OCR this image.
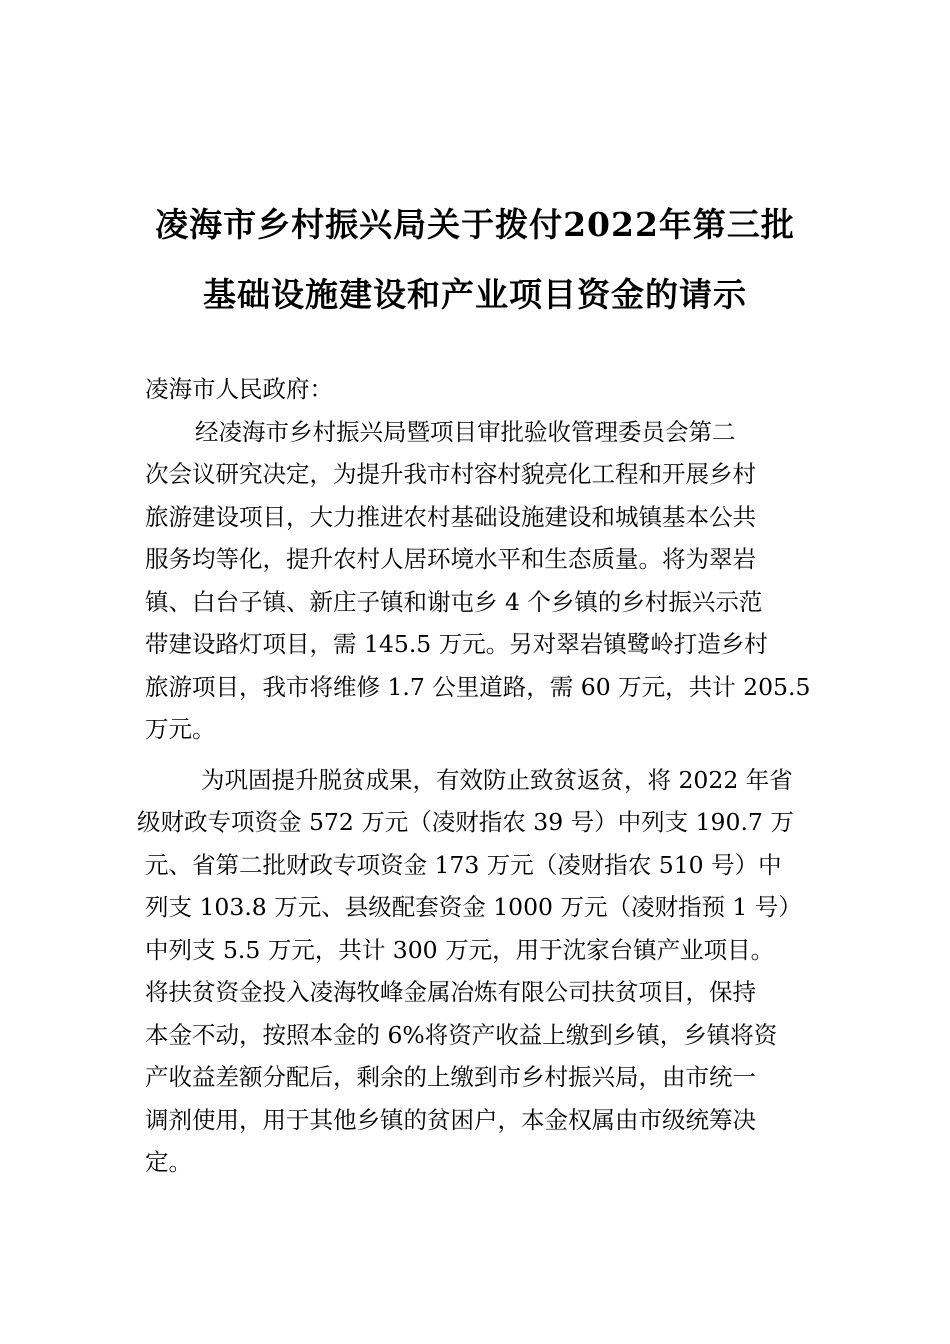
凌海市乡村振兴局关于拨付2022年第三批
基础设施建设和产业项目资金的请示
凌海市人民政府：
经凌海市乡村振兴局暨项目审批验收管理委员会第二
次会议研究决定，为提升我市村容村貌亮化工程和开展乡村
旅游建设项目，大力推进农村基础设施建设和城镇基本公共
服务均等化，提升农村人居环境水平和生态质量。将为翠岩
镇、白台子镇、新庄子镇和谢屯乡 4 个乡镇的乡村振兴示范
带建设路灯项目，需 145.5 万元。另对翠岩镇鹭岭打造乡村
旅游项目，我市将维修 1.7 公里道路，需 60 万元，共计 205.5
万元。
为巩固提升脱贫成果，有效防止致贫返贫，将 2022 年省
级财政专项资金 572 万元（凌财指农 39 号）中列支 190.7 万
元、省第二批财政专项资金 173 万元（凌财指农 510 号）中
列支 103.8 万元、县级配套资金 1000 万元（凌财指预 1 号）
中列支 5.5 万元，共计 300 万元，用于沈家台镇产业项目。
将扶贫资金投入凌海牧峰金属冶炼有限公司扶贫项目，保持
本金不动，按照本金的 6%将资产收益上缴到乡镇，乡镇将资
产收益差额分配后，剩余的上缴到市乡村振兴局，由市统一
调剂使用，用于其他乡镇的贫困户，本金权属由市级统筹决
定。
